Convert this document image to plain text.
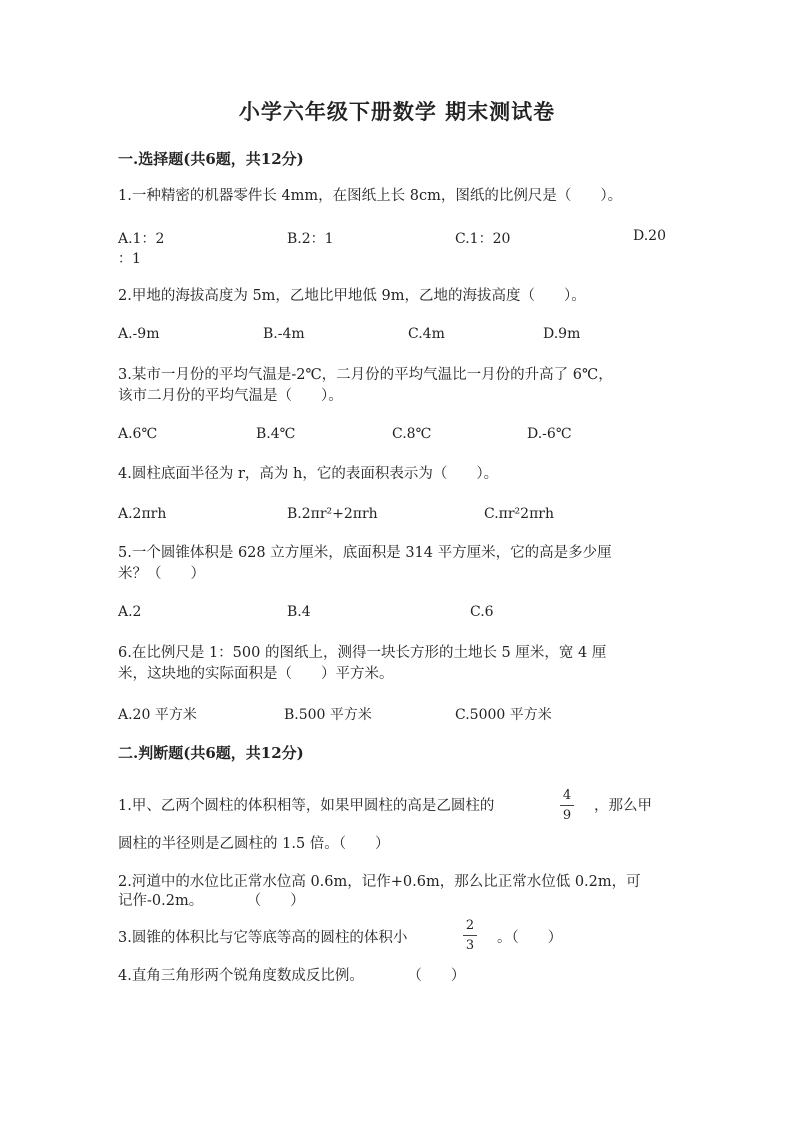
小学六年级下册数学 期末测试卷
一.选择题(共6题，共12分)
1.一种精密的机器零件长 4mm，在图纸上长 8cm，图纸的比例尺是（　　）。
A.1：2	B.2：1	C.1：20	D.20
：1
2.甲地的海拔高度为 5m，乙地比甲地低 9m，乙地的海拔高度（　　）。
A.-9m	B.-4m	C.4m	D.9m
3.某市一月份的平均气温是-2℃，二月份的平均气温比一月份的升高了 6℃，
该市二月份的平均气温是（　　）。
A.6℃	B.4℃	C.8℃	D.-6℃
4.圆柱底面半径为 r，高为 h，它的表面积表示为（　　）。
A.2πrh	B.2πr²+2πrh	C.πr²2πrh
5.一个圆锥体积是 628 立方厘米，底面积是 314 平方厘米，它的高是多少厘
米？（　　）
A.2	B.4	C.6
6.在比例尺是 1：500 的图纸上，测得一块长方形的土地长 5 厘米，宽 4 厘
米，这块地的实际面积是（　　）平方米。
A.20 平方米	B.500 平方米	C.5000 平方米
二.判断题(共6题，共12分)
1.甲、乙两个圆柱的体积相等，如果甲圆柱的高是乙圆柱的
4
9
，那么甲
圆柱的半径则是乙圆柱的 1.5 倍。（　　）
2.河道中的水位比正常水位高 0.6m，记作+0.6m，那么比正常水位低 0.2m，可
记作-0.2m。　　　　（　　）
3.圆锥的体积比与它等底等高的圆柱的体积小
2
3 。（　　）
4.直角三角形两个锐角度数成反比例。　　　　（　　）
